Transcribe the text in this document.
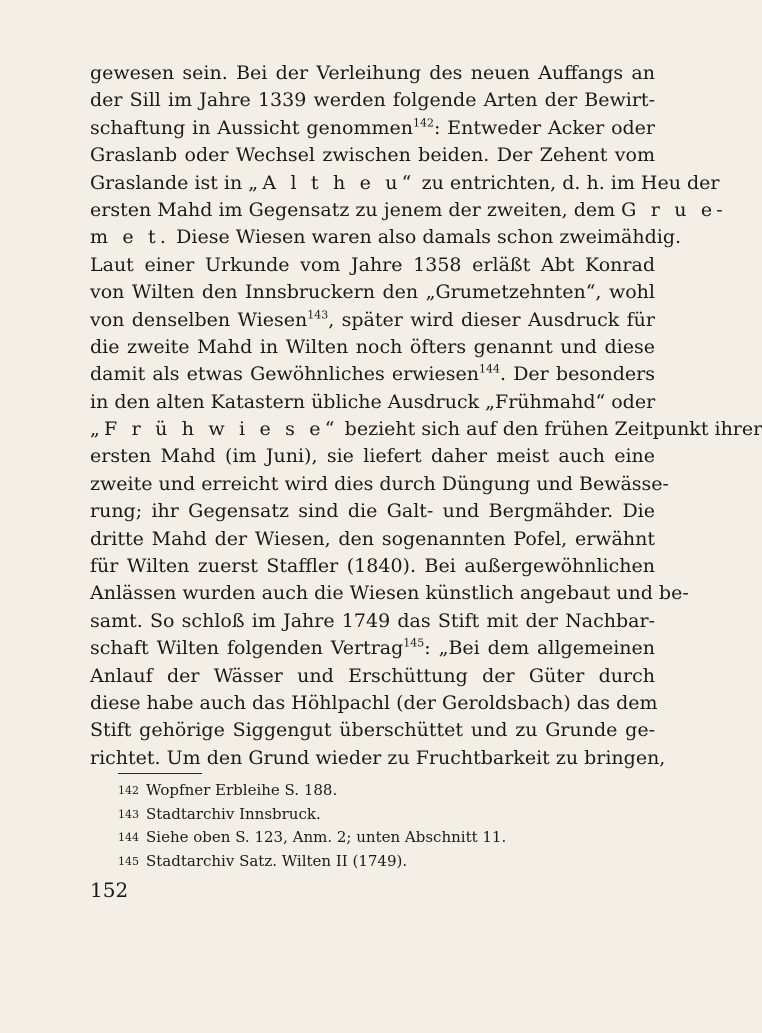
gewesen sein. Bei der Verleihung des neuen Auffangs an
der Sill im Jahre 1339 werden folgende Arten der Bewirt-
schaftung in Aussicht genommen$^{142}$: Entweder Acker oder
Graslanb oder Wechsel zwischen beiden. Der Zehent vom
Graslande ist in „A l t h e u“ zu entrichten, d. h. im Heu der
ersten Mahd im Gegensatz zu jenem der zweiten, dem G r u e-
m e t. Diese Wiesen waren also damals schon zweimähdig.
Laut einer Urkunde vom Jahre 1358 erläßt Abt Konrad
von Wilten den Innsbruckern den „Grumetzehnten“, wohl
von denselben Wiesen$^{143}$, später wird dieser Ausdruck für
die zweite Mahd in Wilten noch öfters genannt und diese
damit als etwas Gewöhnliches erwiesen$^{144}$. Der besonders
in den alten Katastern übliche Ausdruck „Frühmahd“ oder
„F r ü h w i e s e“ bezieht sich auf den frühen Zeitpunkt ihrer
ersten Mahd (im Juni), sie liefert daher meist auch eine
zweite und erreicht wird dies durch Düngung und Bewässe-
rung; ihr Gegensatz sind die Galt- und Bergmähder. Die
dritte Mahd der Wiesen, den sogenannten Pofel, erwähnt
für Wilten zuerst Staffler (1840). Bei außergewöhnlichen
Anlässen wurden auch die Wiesen künstlich angebaut und be-
samt. So schloß im Jahre 1749 das Stift mit der Nachbar-
schaft Wilten folgenden Vertrag$^{145}$: „Bei dem allgemeinen
Anlauf der Wässer und Erschüttung der Güter durch
diese habe auch das Höhlpachl (der Geroldsbach) das dem
Stift gehörige Siggengut überschüttet und zu Grunde ge-
richtet. Um den Grund wieder zu Fruchtbarkeit zu bringen,
142 Wopfner Erbleihe S. 188.
143 Stadtarchiv Innsbruck.
144 Siehe oben S. 123, Anm. 2; unten Abschnitt 11.
145 Stadtarchiv Satz. Wilten II (1749).
152
